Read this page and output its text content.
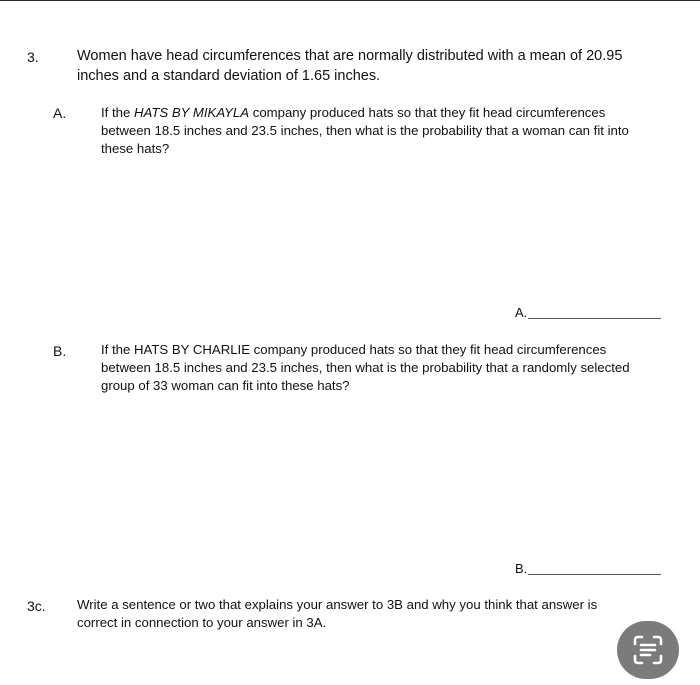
3.	Women have head circumferences that are normally distributed with a mean of 20.95
inches and a standard deviation of 1.65 inches.
A.	If the HATS BY MIKAYLA company produced hats so that they fit head circumferences
between 18.5 inches and 23.5 inches, then what is the probability that a woman can fit into
these hats?
A.
B.	If the HATS BY CHARLIE company produced hats so that they fit head circumferences
between 18.5 inches and 23.5 inches, then what is the probability that a randomly selected
group of 33 woman can fit into these hats?
B.
3c. Write a sentence or two that explains your answer to 3B and why you think that answer is
correct in connection to your answer in 3A.
